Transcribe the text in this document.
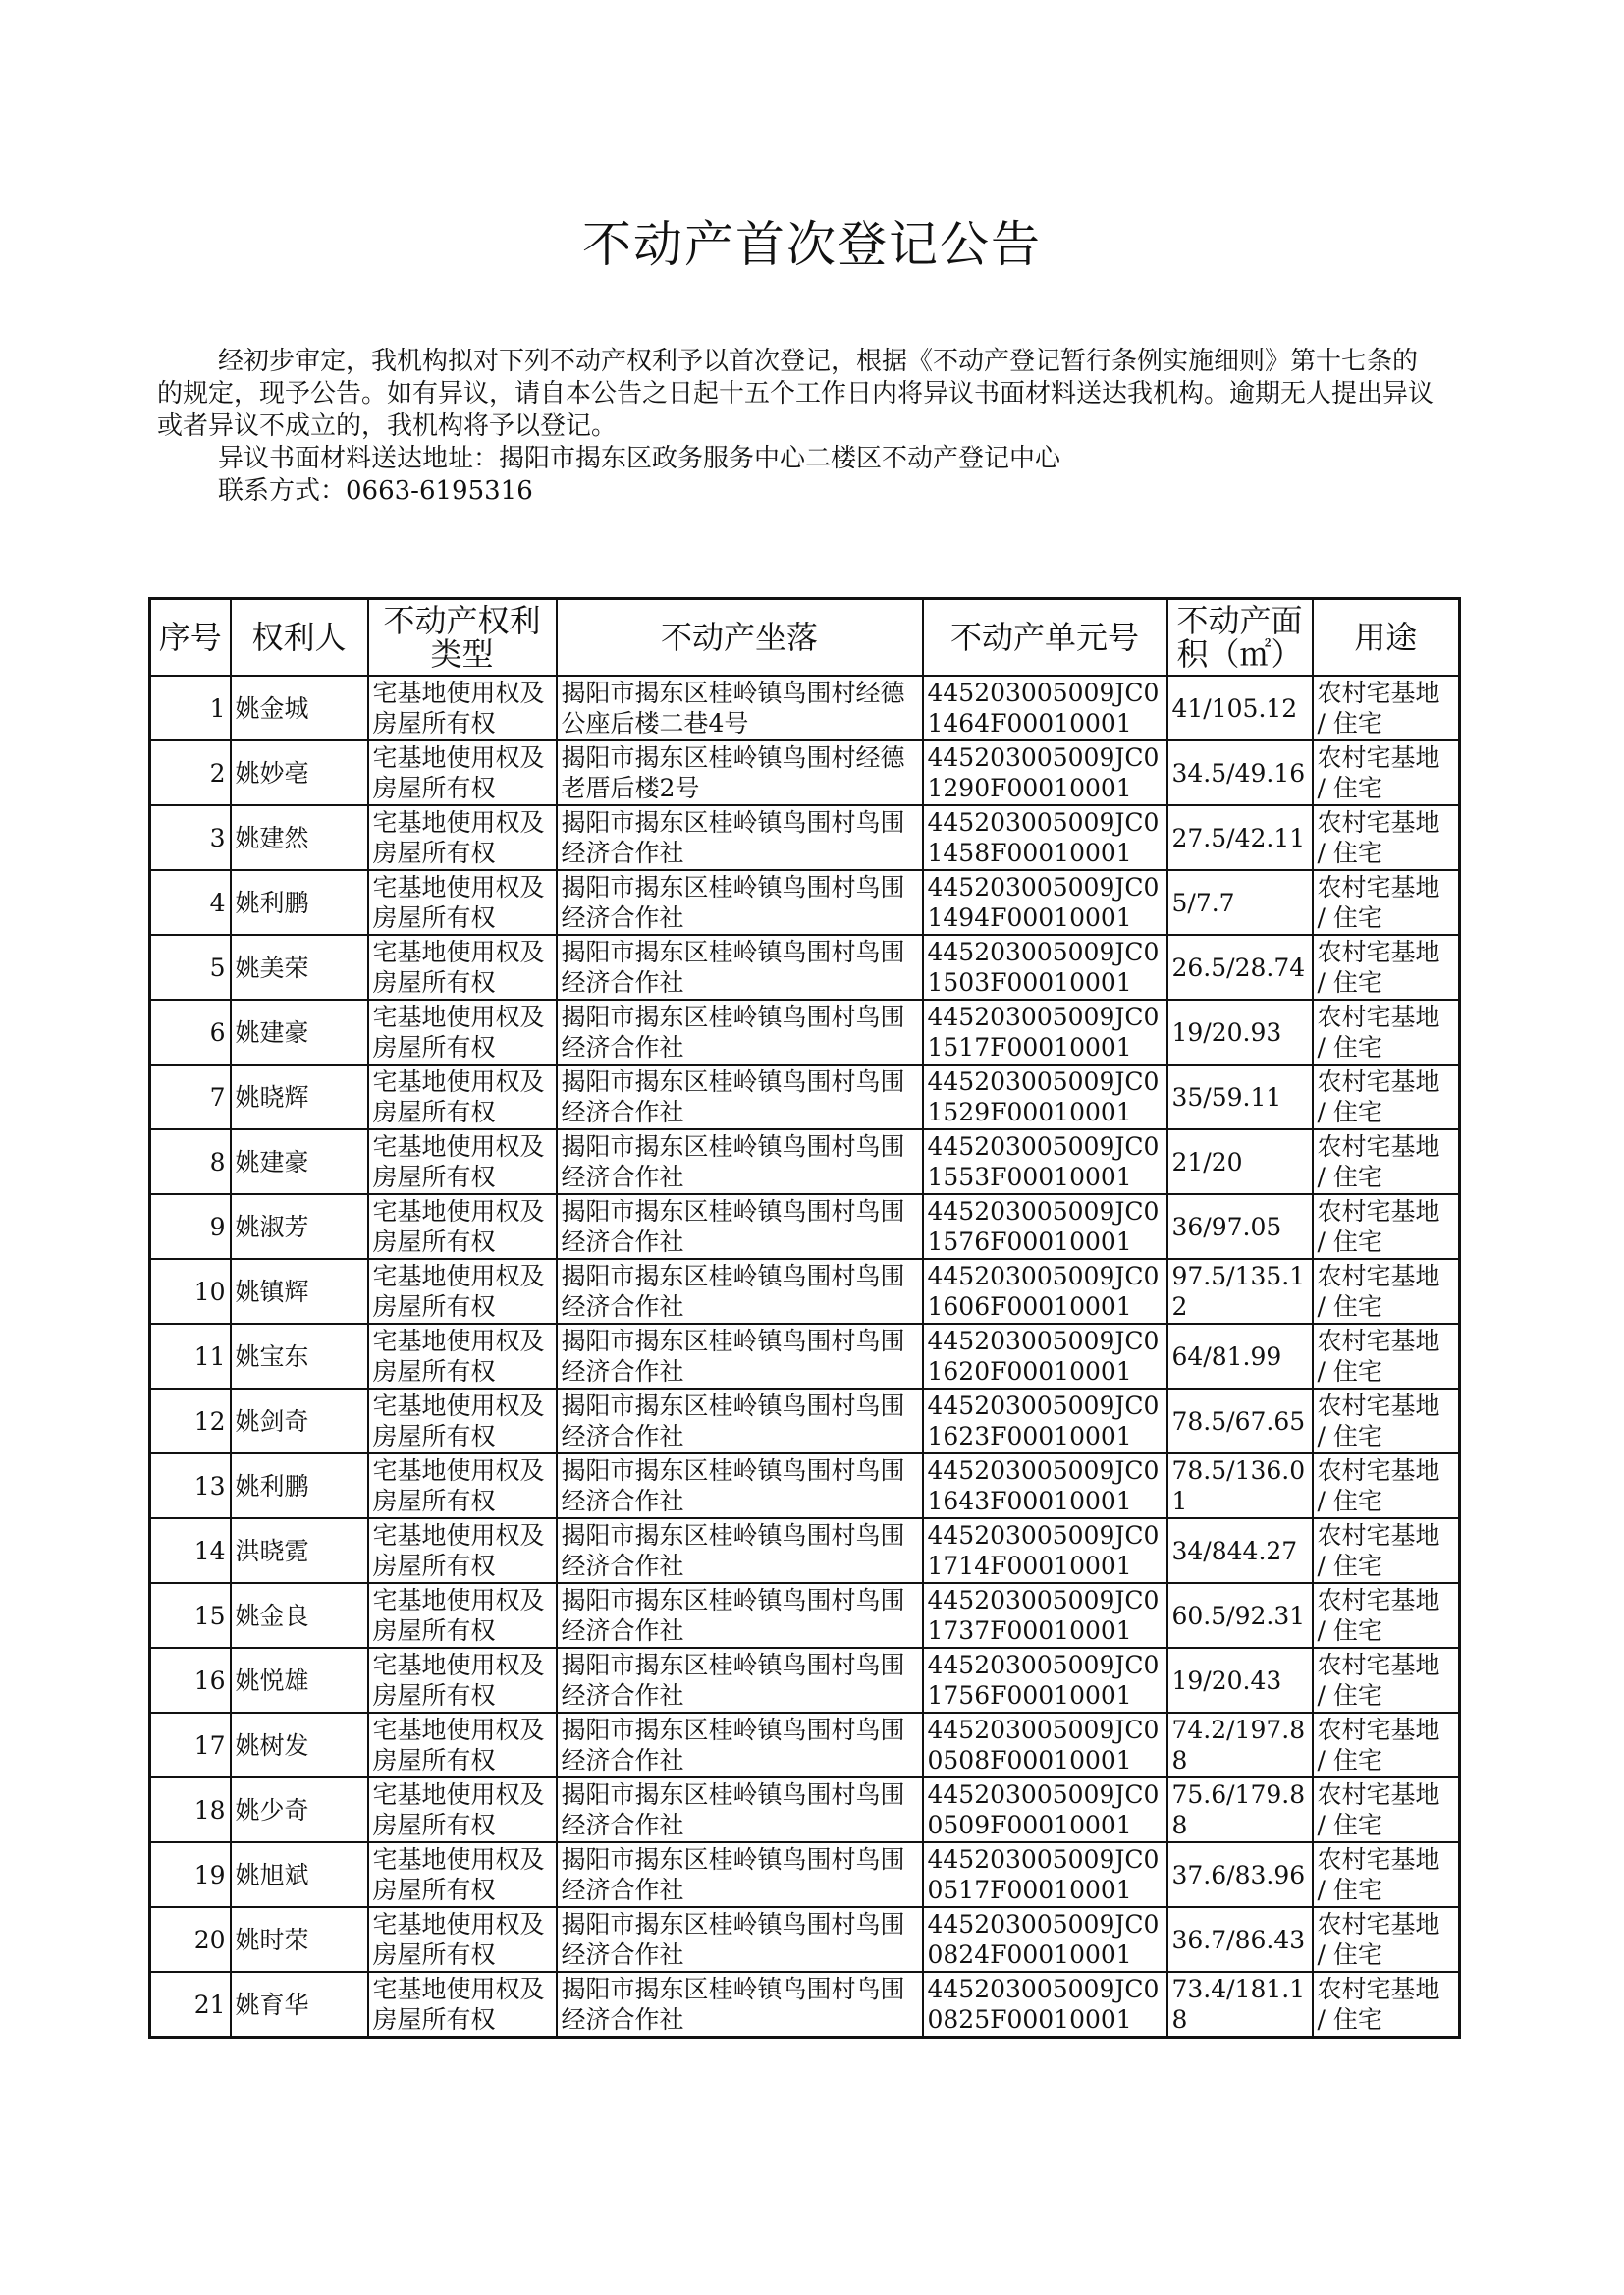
不动产首次登记公告

经初步审定，我机构拟对下列不动产权利予以首次登记，根据《不动产登记暂行条例实施细则》第十七条的的规定，现予公告。如有异议，请自本公告之日起十五个工作日内将异议书面材料送达我机构。逾期无人提出异议或者异议不成立的，我机构将予以登记。

异议书面材料送达地址：揭阳市揭东区政务服务中心二楼区不动产登记中心

联系方式：0663-6195316

序号	权利人	不动产权利类型	不动产坐落	不动产单元号	不动产面积（㎡）	用途
1	姚金城	宅基地使用权及房屋所有权	揭阳市揭东区桂岭镇鸟围村经德公座后楼二巷4号	445203005009JC01464F00010001	41/105.12	农村宅基地 / 住宅
2	姚妙亳	宅基地使用权及房屋所有权	揭阳市揭东区桂岭镇鸟围村经德老厝后楼2号	445203005009JC01290F00010001	34.5/49.16	农村宅基地 / 住宅
3	姚建然	宅基地使用权及房屋所有权	揭阳市揭东区桂岭镇鸟围村鸟围经济合作社	445203005009JC01458F00010001	27.5/42.11	农村宅基地 / 住宅
4	姚利鹏	宅基地使用权及房屋所有权	揭阳市揭东区桂岭镇鸟围村鸟围经济合作社	445203005009JC01494F00010001	5/7.7	农村宅基地 / 住宅
5	姚美荣	宅基地使用权及房屋所有权	揭阳市揭东区桂岭镇鸟围村鸟围经济合作社	445203005009JC01503F00010001	26.5/28.74	农村宅基地 / 住宅
6	姚建豪	宅基地使用权及房屋所有权	揭阳市揭东区桂岭镇鸟围村鸟围经济合作社	445203005009JC01517F00010001	19/20.93	农村宅基地 / 住宅
7	姚晓辉	宅基地使用权及房屋所有权	揭阳市揭东区桂岭镇鸟围村鸟围经济合作社	445203005009JC01529F00010001	35/59.11	农村宅基地 / 住宅
8	姚建豪	宅基地使用权及房屋所有权	揭阳市揭东区桂岭镇鸟围村鸟围经济合作社	445203005009JC01553F00010001	21/20	农村宅基地 / 住宅
9	姚淑芳	宅基地使用权及房屋所有权	揭阳市揭东区桂岭镇鸟围村鸟围经济合作社	445203005009JC01576F00010001	36/97.05	农村宅基地 / 住宅
10	姚镇辉	宅基地使用权及房屋所有权	揭阳市揭东区桂岭镇鸟围村鸟围经济合作社	445203005009JC01606F00010001	97.5/135.12	农村宅基地 / 住宅
11	姚宝东	宅基地使用权及房屋所有权	揭阳市揭东区桂岭镇鸟围村鸟围经济合作社	445203005009JC01620F00010001	64/81.99	农村宅基地 / 住宅
12	姚剑奇	宅基地使用权及房屋所有权	揭阳市揭东区桂岭镇鸟围村鸟围经济合作社	445203005009JC01623F00010001	78.5/67.65	农村宅基地 / 住宅
13	姚利鹏	宅基地使用权及房屋所有权	揭阳市揭东区桂岭镇鸟围村鸟围经济合作社	445203005009JC01643F00010001	78.5/136.01	农村宅基地 / 住宅
14	洪晓霓	宅基地使用权及房屋所有权	揭阳市揭东区桂岭镇鸟围村鸟围经济合作社	445203005009JC01714F00010001	34/844.27	农村宅基地 / 住宅
15	姚金良	宅基地使用权及房屋所有权	揭阳市揭东区桂岭镇鸟围村鸟围经济合作社	445203005009JC01737F00010001	60.5/92.31	农村宅基地 / 住宅
16	姚悦雄	宅基地使用权及房屋所有权	揭阳市揭东区桂岭镇鸟围村鸟围经济合作社	445203005009JC01756F00010001	19/20.43	农村宅基地 / 住宅
17	姚树发	宅基地使用权及房屋所有权	揭阳市揭东区桂岭镇鸟围村鸟围经济合作社	445203005009JC00508F00010001	74.2/197.88	农村宅基地 / 住宅
18	姚少奇	宅基地使用权及房屋所有权	揭阳市揭东区桂岭镇鸟围村鸟围经济合作社	445203005009JC00509F00010001	75.6/179.88	农村宅基地 / 住宅
19	姚旭斌	宅基地使用权及房屋所有权	揭阳市揭东区桂岭镇鸟围村鸟围经济合作社	445203005009JC00517F00010001	37.6/83.96	农村宅基地 / 住宅
20	姚时荣	宅基地使用权及房屋所有权	揭阳市揭东区桂岭镇鸟围村鸟围经济合作社	445203005009JC00824F00010001	36.7/86.43	农村宅基地 / 住宅
21	姚育华	宅基地使用权及房屋所有权	揭阳市揭东区桂岭镇鸟围村鸟围经济合作社	445203005009JC00825F00010001	73.4/181.18	农村宅基地 / 住宅
